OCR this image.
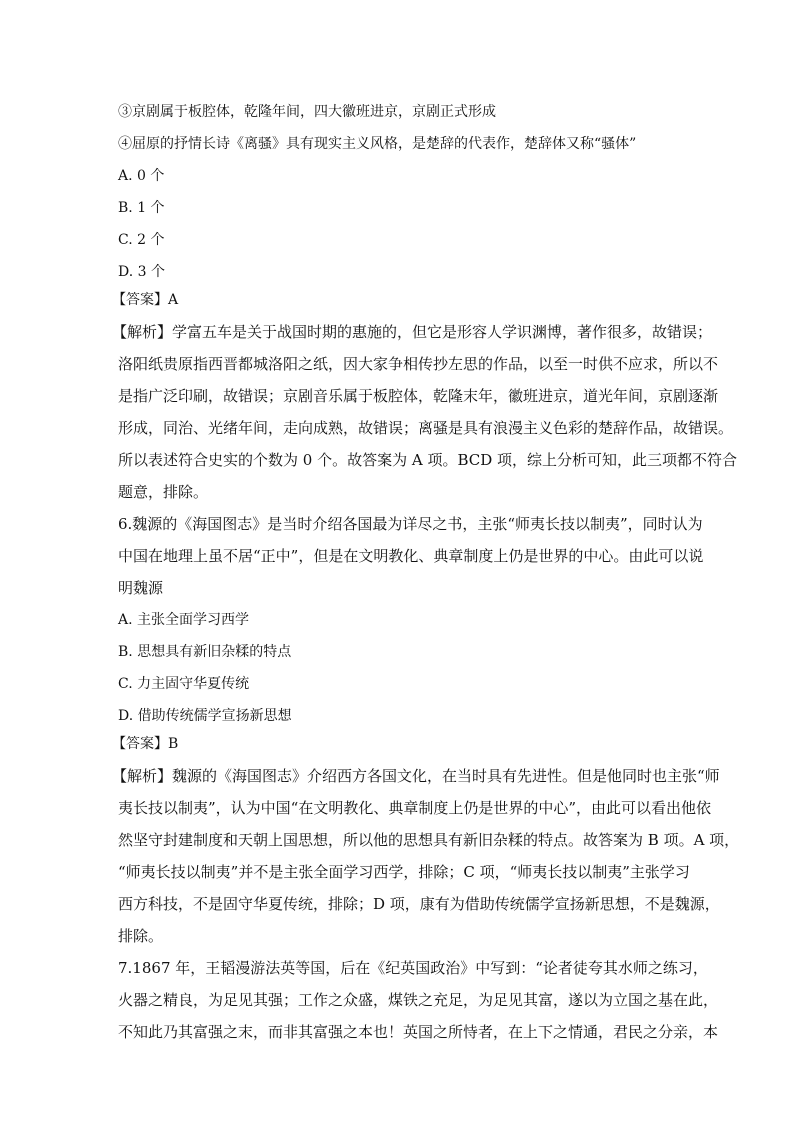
③京剧属于板腔体，乾隆年间，四大徽班进京，京剧正式形成
④屈原的抒情长诗《离骚》具有现实主义风格，是楚辞的代表作，楚辞体又称“骚体”
A. 0 个
B. 1 个
C. 2 个
D. 3 个
【答案】A
【解析】学富五车是关于战国时期的惠施的，但它是形容人学识渊博，著作很多，故错误；
洛阳纸贵原指西晋都城洛阳之纸，因大家争相传抄左思的作品，以至一时供不应求，所以不
是指广泛印刷，故错误；京剧音乐属于板腔体，乾隆末年，徽班进京，道光年间，京剧逐渐
形成，同治、光绪年间，走向成熟，故错误；离骚是具有浪漫主义色彩的楚辞作品，故错误。
所以表述符合史实的个数为 0 个。故答案为 A 项。BCD 项，综上分析可知，此三项都不符合
题意，排除。
6.魏源的《海国图志》是当时介绍各国最为详尽之书，主张“师夷长技以制夷”，同时认为
中国在地理上虽不居“正中”，但是在文明教化、典章制度上仍是世界的中心。由此可以说
明魏源
A. 主张全面学习西学
B. 思想具有新旧杂糅的特点
C. 力主固守华夏传统
D. 借助传统儒学宣扬新思想
【答案】B
【解析】魏源的《海国图志》介绍西方各国文化，在当时具有先进性。但是他同时也主张“师
夷长技以制夷”，认为中国“在文明教化、典章制度上仍是世界的中心”，由此可以看出他依
然坚守封建制度和天朝上国思想，所以他的思想具有新旧杂糅的特点。故答案为 B 项。A 项，
“师夷长技以制夷”并不是主张全面学习西学，排除；C 项，“师夷长技以制夷”主张学习
西方科技，不是固守华夏传统，排除；D 项，康有为借助传统儒学宣扬新思想，不是魏源，
排除。
7.1867 年，王韬漫游法英等国，后在《纪英国政治》中写到：“论者徒夸其水师之练习，
火器之精良，为足见其强；工作之众盛，煤铁之充足，为足见其富，遂以为立国之基在此，
不知此乃其富强之末，而非其富强之本也！英国之所恃者，在上下之情通，君民之分亲，本
